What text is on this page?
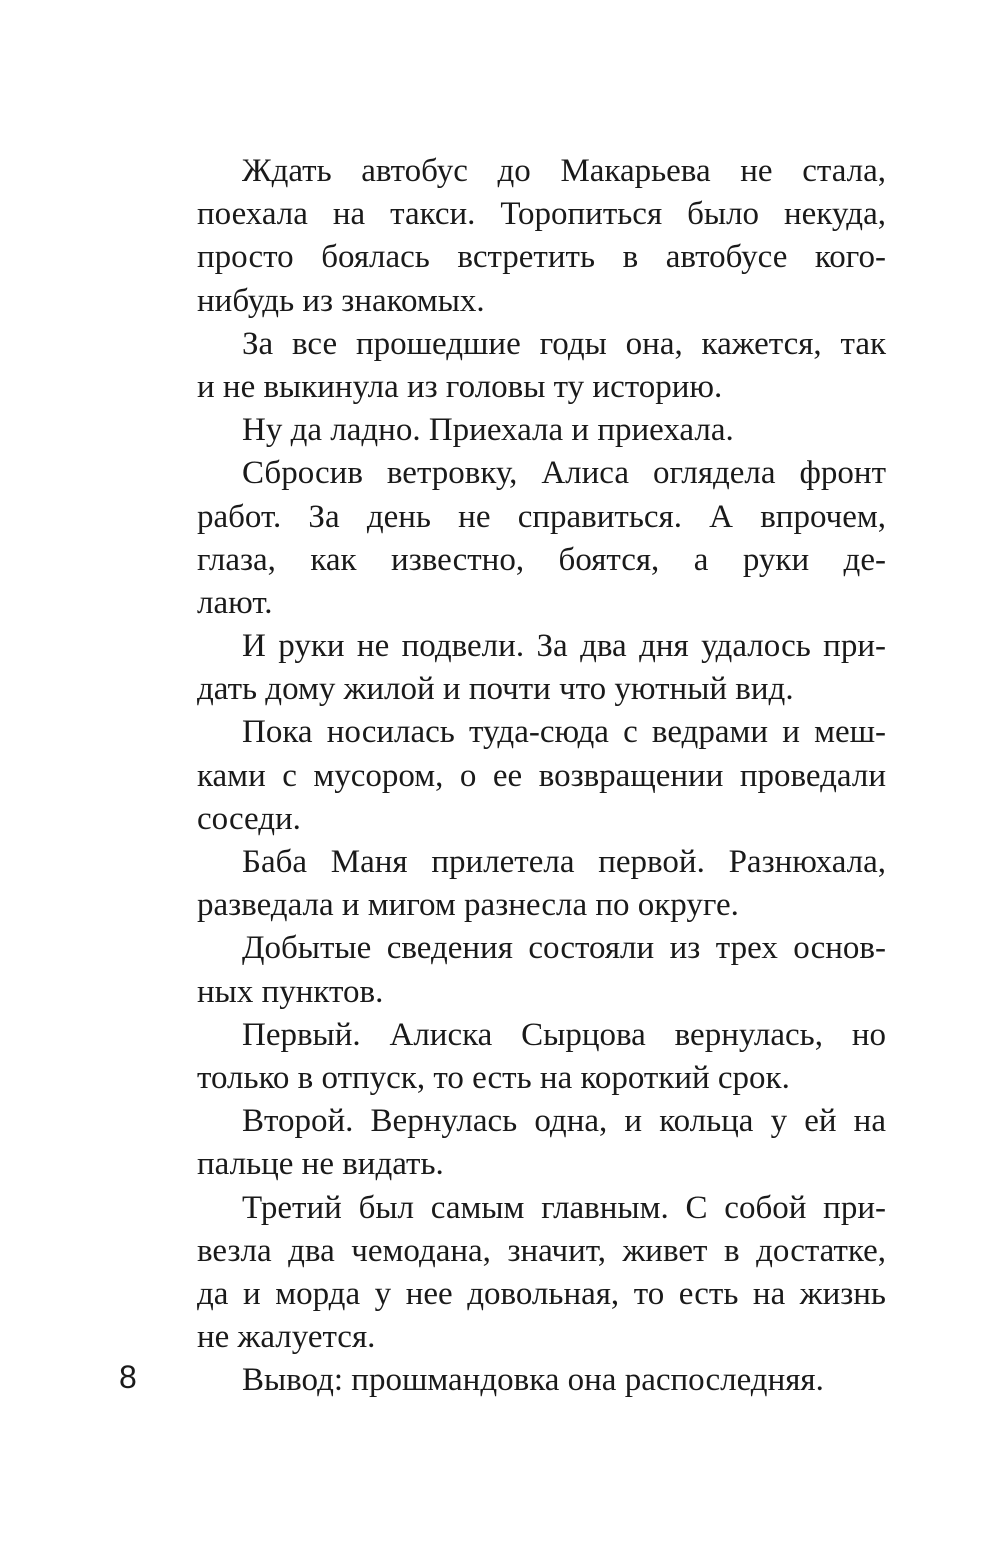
Ждать автобус до Макарьева не стала,
поехала на такси. Торопиться было некуда,
просто боялась встретить в автобусе кого-
нибудь из знакомых.
За все прошедшие годы она, кажется, так
и не выкинула из головы ту историю.
Ну да ладно. Приехала и приехала.
Сбросив ветровку, Алиса оглядела фронт
работ. За день не справиться. А впрочем,
глаза, как известно, боятся, а руки де-
лают.
И руки не подвели. За два дня удалось при-
дать дому жилой и почти что уютный вид.
Пока носилась туда-сюда с ведрами и меш-
ками с мусором, о ее возвращении проведали
соседи.
Баба Маня прилетела первой. Разнюхала,
разведала и мигом разнесла по округе.
Добытые сведения состояли из трех основ-
ных пунктов.
Первый. Алиска Сырцова вернулась, но
только в отпуск, то есть на короткий срок.
Второй. Вернулась одна, и кольца у ей на
пальце не видать.
Третий был самым главным. С собой при-
везла два чемодана, значит, живет в достатке,
да и морда у нее довольная, то есть на жизнь
не жалуется.
Вывод: прошмандовка она распоследняя.
8
